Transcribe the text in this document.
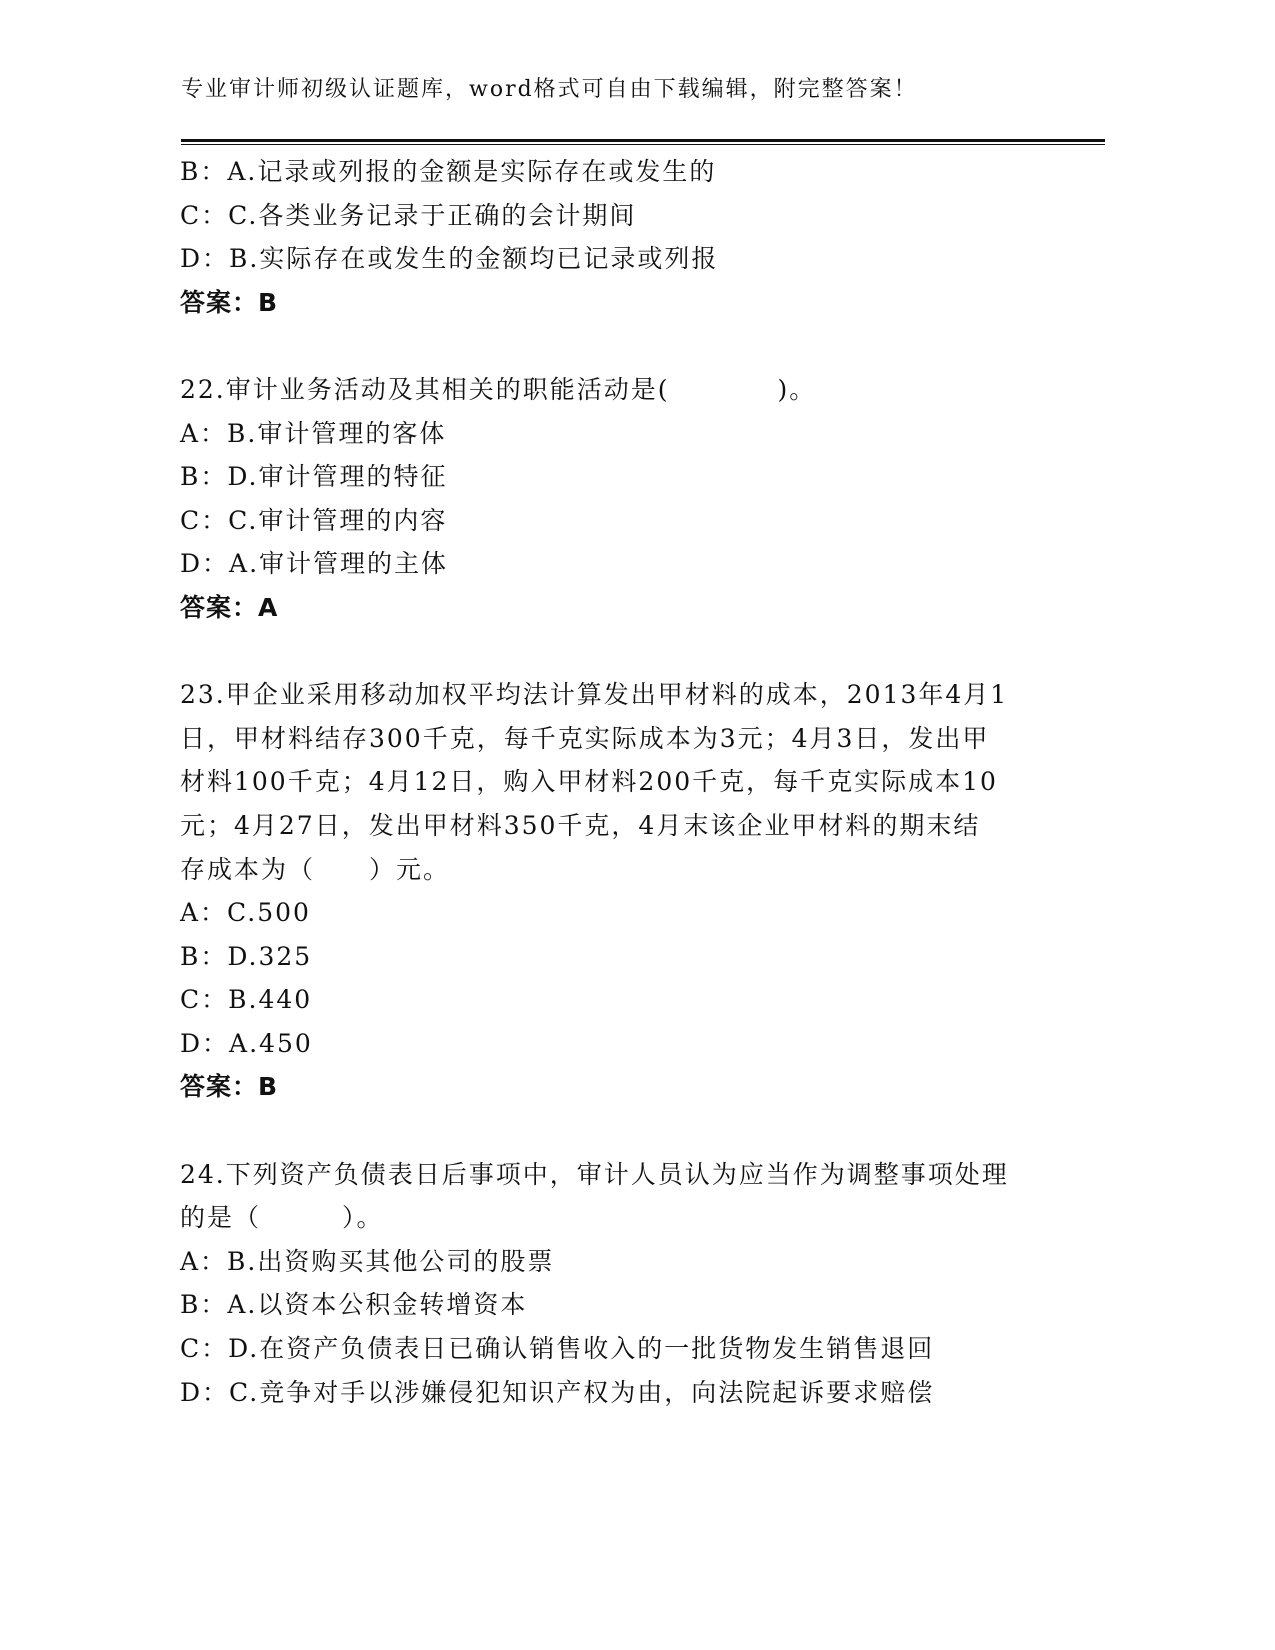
专业审计师初级认证题库，word格式可自由下载编辑，附完整答案！
B：A.记录或列报的金额是实际存在或发生的
C：C.各类业务记录于正确的会计期间
D：B.实际存在或发生的金额均已记录或列报
答案：B
22.审计业务活动及其相关的职能活动是(　　　　)。
A：B.审计管理的客体
B：D.审计管理的特征
C：C.审计管理的内容
D：A.审计管理的主体
答案：A
23.甲企业采用移动加权平均法计算发出甲材料的成本，2013年4月1
日，甲材料结存300千克，每千克实际成本为3元；4月3日，发出甲
材料100千克；4月12日，购入甲材料200千克，每千克实际成本10
元；4月27日，发出甲材料350千克，4月末该企业甲材料的期末结
存成本为（　　）元。
A：C.500
B：D.325
C：B.440
D：A.450
答案：B
24.下列资产负债表日后事项中，审计人员认为应当作为调整事项处理
的是（　　　）。
A：B.出资购买其他公司的股票
B：A.以资本公积金转增资本
C：D.在资产负债表日已确认销售收入的一批货物发生销售退回
D：C.竞争对手以涉嫌侵犯知识产权为由，向法院起诉要求赔偿
